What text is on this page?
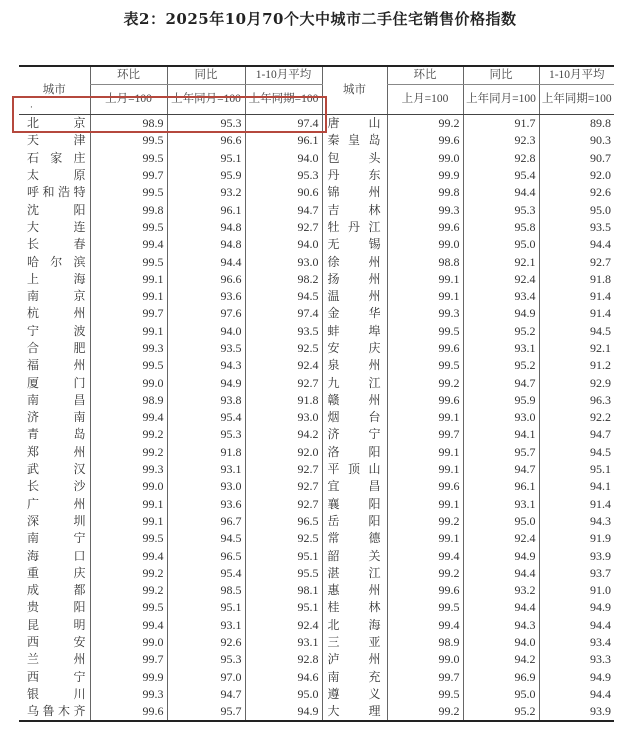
表2：2025年10月70个大中城市二手住宅销售价格指数
城市	环比	同比	1-10月平均	城市	环比	同比	1-10月平均
	上月=100	上年同月=100	上年同期=100		上月=100	上年同月=100	上年同期=100
北京	98.9	95.3	97.4	唐山	99.2	91.7	89.8
天津	99.5	96.6	96.1	秦皇岛	99.6	92.3	90.3
石家庄	99.5	95.1	94.0	包头	99.0	92.8	90.7
太原	99.7	95.9	95.3	丹东	99.9	95.4	92.0
呼和浩特	99.5	93.2	90.6	锦州	99.8	94.4	92.6
沈阳	99.8	96.1	94.7	吉林	99.3	95.3	95.0
大连	99.5	94.8	92.7	牡丹江	99.6	95.8	93.5
长春	99.4	94.8	94.0	无锡	99.0	95.0	94.4
哈尔滨	99.5	94.4	93.0	徐州	98.8	92.1	92.7
上海	99.1	96.6	98.2	扬州	99.1	92.4	91.8
南京	99.1	93.6	94.5	温州	99.1	93.4	91.4
杭州	99.7	97.6	97.4	金华	99.3	94.9	91.4
宁波	99.1	94.0	93.5	蚌埠	99.5	95.2	94.5
合肥	99.3	93.5	92.5	安庆	99.6	93.1	92.1
福州	99.5	94.3	92.4	泉州	99.5	95.2	91.2
厦门	99.0	94.9	92.7	九江	99.2	94.7	92.9
南昌	98.9	93.8	91.8	赣州	99.6	95.9	96.3
济南	99.4	95.4	93.0	烟台	99.1	93.0	92.2
青岛	99.2	95.3	94.2	济宁	99.7	94.1	94.7
郑州	99.2	91.8	92.0	洛阳	99.1	95.7	94.5
武汉	99.3	93.1	92.7	平顶山	99.1	94.7	95.1
长沙	99.0	93.0	92.7	宜昌	99.6	96.1	94.1
广州	99.1	93.6	92.7	襄阳	99.1	93.1	91.4
深圳	99.1	96.7	96.5	岳阳	99.2	95.0	94.3
南宁	99.5	94.5	92.5	常德	99.1	92.4	91.9
海口	99.4	96.5	95.1	韶关	99.4	94.9	93.9
重庆	99.2	95.4	95.5	湛江	99.2	94.4	93.7
成都	99.2	98.5	98.1	惠州	99.6	93.2	91.0
贵阳	99.5	95.1	95.1	桂林	99.5	94.4	94.9
昆明	99.4	93.1	92.4	北海	99.4	94.3	94.4
西安	99.0	92.6	93.1	三亚	98.9	94.0	93.4
兰州	99.7	95.3	92.8	泸州	99.0	94.2	93.3
西宁	99.9	97.0	94.6	南充	99.7	96.9	94.9
银川	99.3	94.7	95.0	遵义	99.5	95.0	94.4
乌鲁木齐	99.6	95.7	94.9	大理	99.2	95.2	93.9
·
